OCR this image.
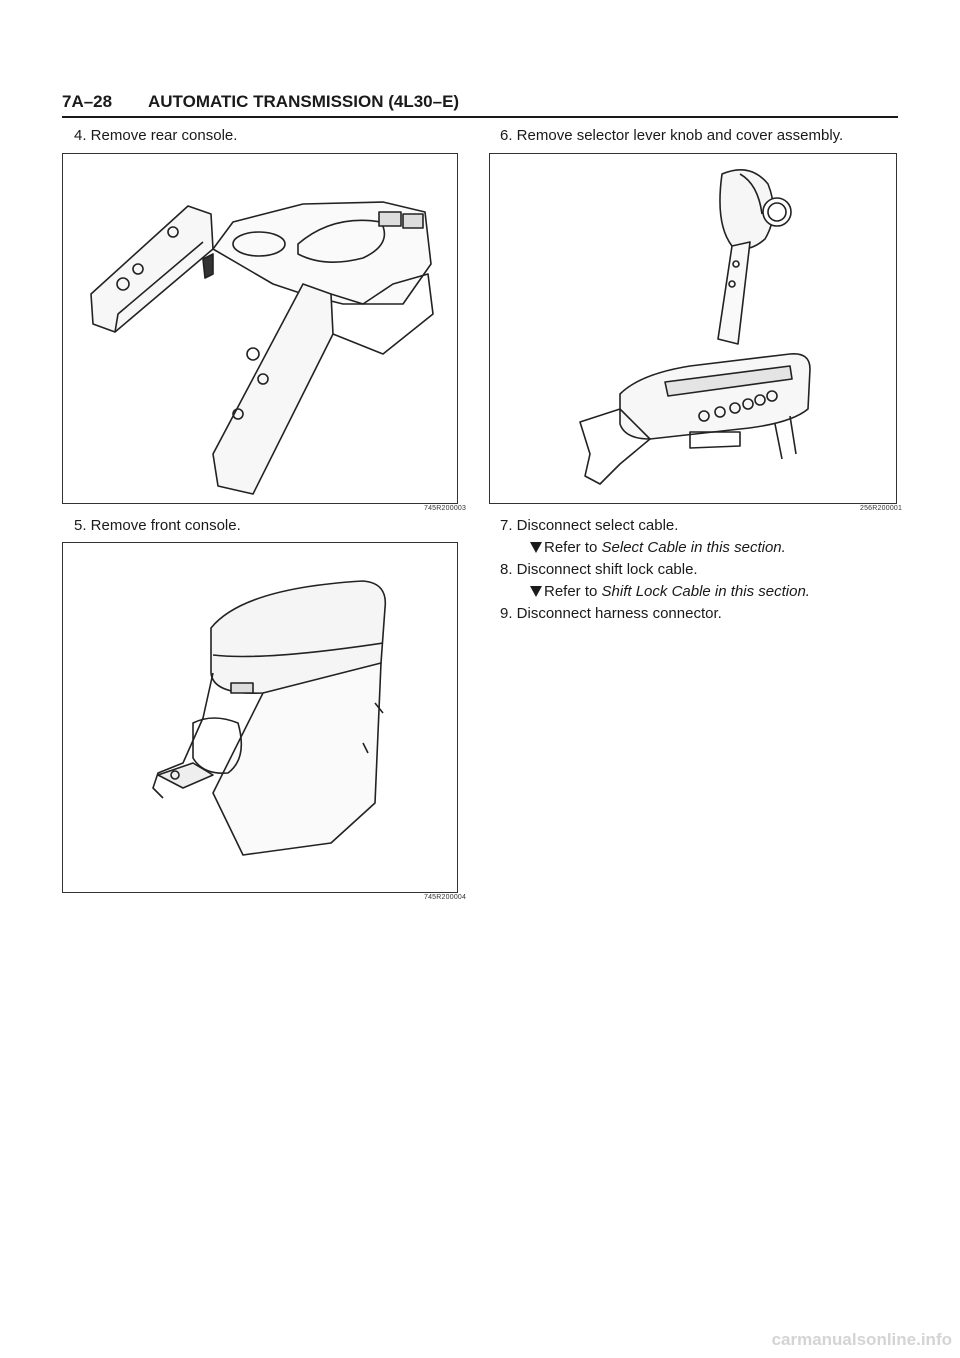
7A–28 AUTOMATIC TRANSMISSION (4L30–E)
4. Remove rear console.
745R200003
5. Remove front console.
745R200004
6. Remove selector lever knob and cover assembly.
256R200001
7. Disconnect select cable.
Refer to Select Cable in this section.
8. Disconnect shift lock cable.
Refer to Shift Lock Cable in this section.
9. Disconnect harness connector.
carmanualsonline.info
